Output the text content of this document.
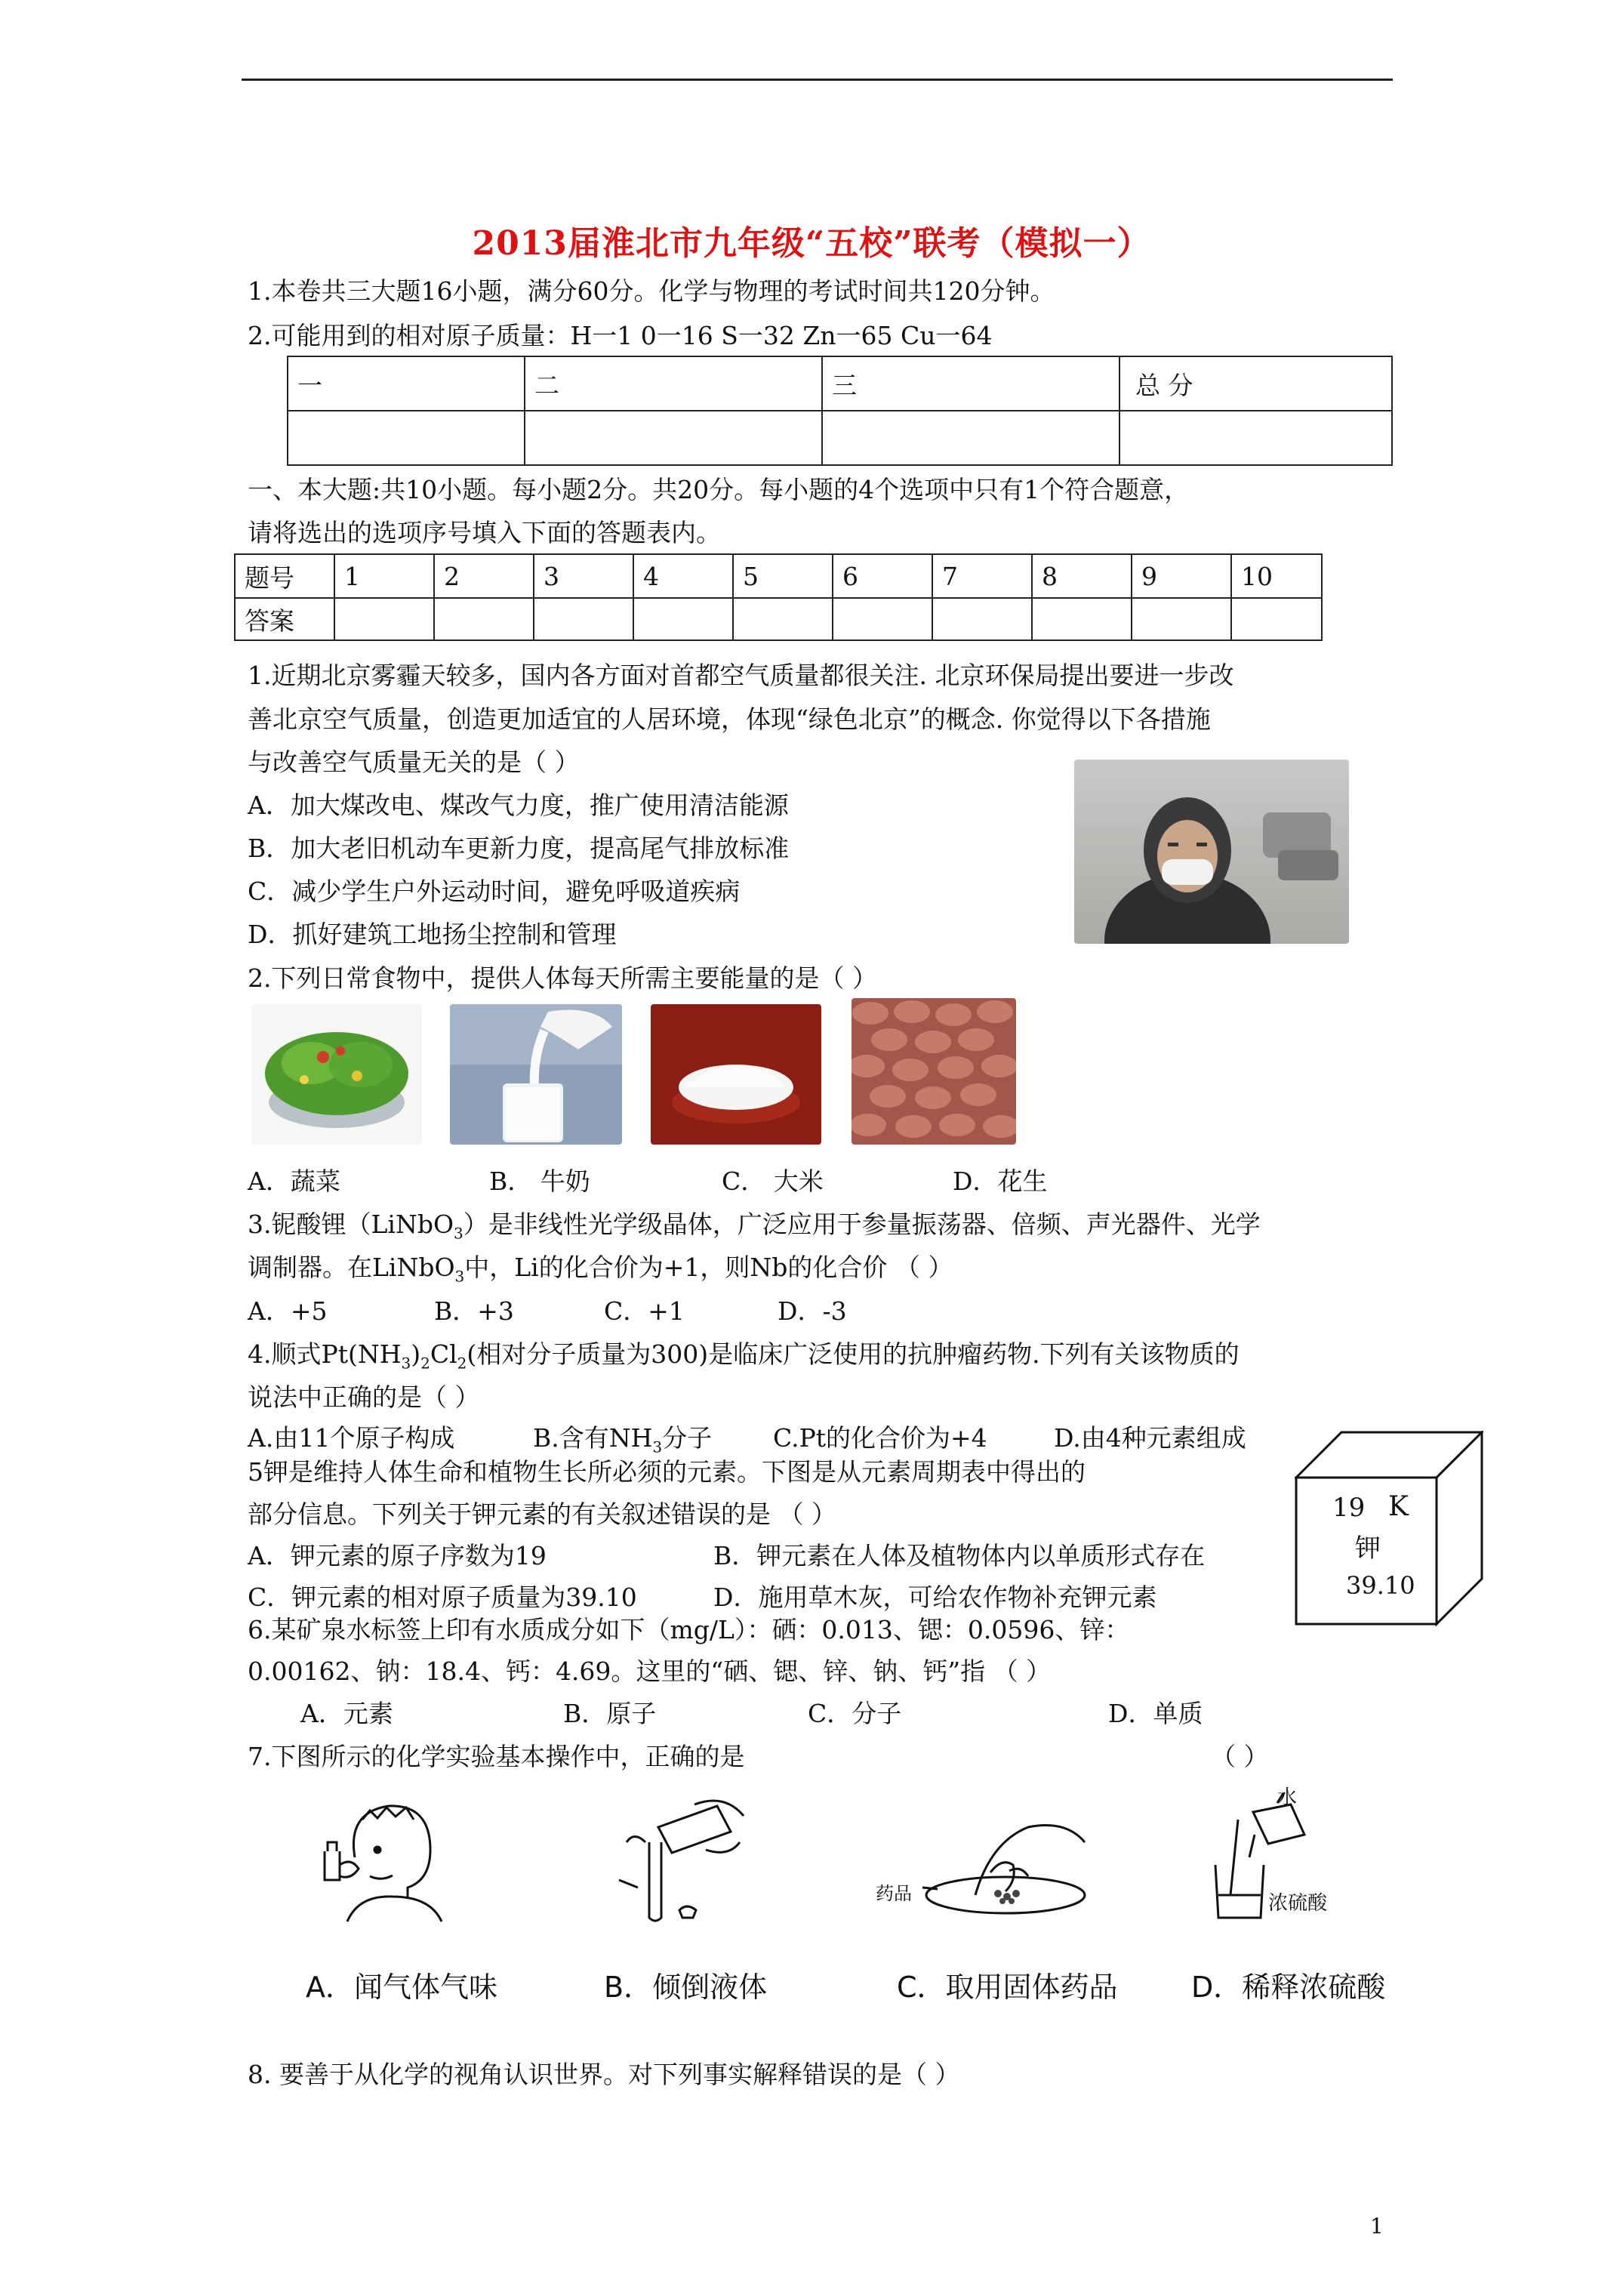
2013届淮北市九年级“五校”联考（模拟一）
1.本卷共三大题16小题，满分60分。化学与物理的考试时间共120分钟。
2.可能用到的相对原子质量：H一1 0一16 S一32 Zn一65 Cu一64
一	二	三	总 分

一、本大题:共10小题。每小题2分。共20分。每小题的4个选项中只有1个符合题意，
请将选出的选项序号填入下面的答题表内。
题号	1	2	3	4	5	6	7	8	9	10
答案										
1.近期北京雾霾天较多，国内各方面对首都空气质量都很关注. 北京环保局提出要进一步改
善北京空气质量，创造更加适宜的人居环境，体现“绿色北京”的概念. 你觉得以下各措施
与改善空气质量无关的是（ ）
A．加大煤改电、煤改气力度，推广使用清洁能源
B．加大老旧机动车更新力度，提高尾气排放标准
C．减少学生户外运动时间，避免呼吸道疾病
D．抓好建筑工地扬尘控制和管理
2.下列日常食物中，提供人体每天所需主要能量的是（ ）
A．蔬菜	B． 牛奶	C． 大米	D．花生
3.铌酸锂（LiNbO$_3$）是非线性光学级晶体，广泛应用于参量振荡器、倍频、声光器件、光学
调制器。在LiNbO$_3$中，Li的化合价为+1，则Nb的化合价 （ ）
A．+5	B．+3	C．+1	D．-3
4.顺式$Pt(NH_3)_2Cl_2$(相对分子质量为300)是临床广泛使用的抗肿瘤药物.下列有关该物质的
说法中正确的是（ ）
A.由11个原子构成	B.含有$NH_3$分子 C.Pt的化合价为+4	D.由4种元素组成
5钾是维持人体生命和植物生长所必须的元素。下图是从元素周期表中得出的
部分信息。下列关于钾元素的有关叙述错误的是 （ ）
A．钾元素的原子序数为19	B．钾元素在人体及植物体内以单质形式存在
C．钾元素的相对原子质量为39.10	D．施用草木灰，可给农作物补充钾元素
19 K
钾
39.10
6.某矿泉水标签上印有水质成分如下（mg/L）：硒：0.013、锶：0.0596、锌：
0.00162、钠：18.4、钙：4.69。这里的“硒、锶、锌、钠、钙”指 （ ）
A．元素	B．原子	C．分子	D．单质
7.下图所示的化学实验基本操作中，正确的是	（ ）
药品
水
浓硫酸
A．闻气体气味	B．倾倒液体	C．取用固体药品	D．稀释浓硫酸
8. 要善于从化学的视角认识世界。对下列事实解释错误的是（ ）
1
